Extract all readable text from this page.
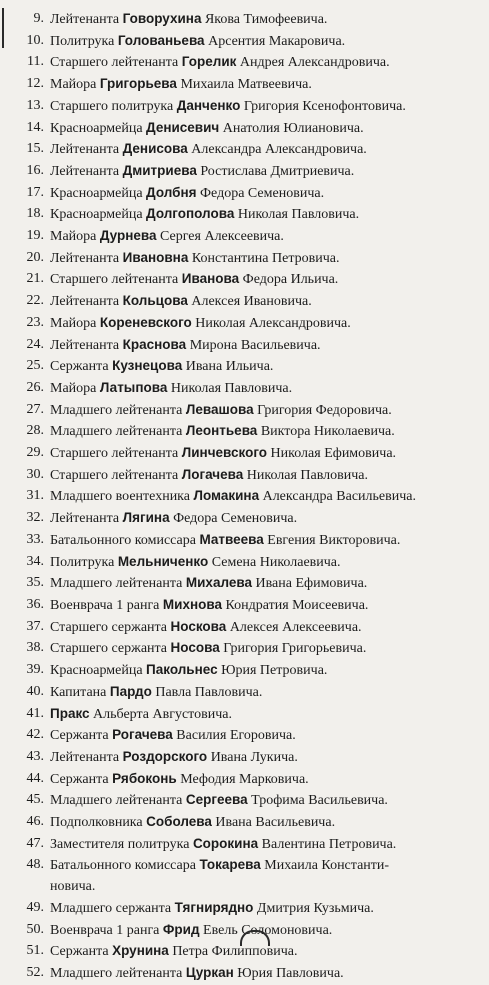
9. Лейтенанта Говорухина Якова Тимофеевича.
10. Политрука Голованьева Арсентия Макаровича.
11. Старшего лейтенанта Горелик Андрея Александровича.
12. Майора Григорьева Михаила Матвеевича.
13. Старшего политрука Данченко Григория Ксенофонтовича.
14. Красноармейца Денисевич Анатолия Юлиановича.
15. Лейтенанта Денисова Александра Александровича.
16. Лейтенанта Дмитриева Ростислава Дмитриевича.
17. Красноармейца Долбня Федора Семеновича.
18. Красноармейца Долгополова Николая Павловича.
19. Майора Дурнева Сергея Алексеевича.
20. Лейтенанта Ивановна Константина Петровича.
21. Старшего лейтенанта Иванова Федора Ильича.
22. Лейтенанта Кольцова Алексея Ивановича.
23. Майора Кореневского Николая Александровича.
24. Лейтенанта Краснова Мирона Васильевича.
25. Сержанта Кузнецова Ивана Ильича.
26. Майора Латыпова Николая Павловича.
27. Младшего лейтенанта Левашова Григория Федоровича.
28. Младшего лейтенанта Леонтьева Виктора Николаевича.
29. Старшего лейтенанта Линчевского Николая Ефимовича.
30. Старшего лейтенанта Логачева Николая Павловича.
31. Младшего воентехника Ломакина Александра Васильевича.
32. Лейтенанта Лягина Федора Семеновича.
33. Батальонного комиссара Матвеева Евгения Викторовича.
34. Политрука Мельниченко Семена Николаевича.
35. Младшего лейтенанта Михалева Ивана Ефимовича.
36. Военврача 1 ранга Михнова Кондратия Моисеевича.
37. Старшего сержанта Носкова Алексея Алексеевича.
38. Старшего сержанта Носова Григория Григорьевича.
39. Красноармейца Пакольнес Юрия Петровича.
40. Капитана Пардо Павла Павловича.
41. Пракс Альберта Августовича.
42. Сержанта Рогачева Василия Егоровича.
43. Лейтенанта Роздорского Ивана Лукича.
44. Сержанта Рябоконь Мефодия Марковича.
45. Младшего лейтенанта Сергеева Трофима Васильевича.
46. Подполковника Соболева Ивана Васильевича.
47. Заместителя политрука Сорокина Валентина Петровича.
48. Батальонного комиссара Токарева Михаила Константи-
новича.
49. Младшего сержанта Тягнирядно Дмитрия Кузьмича.
50. Военврача 1 ранга Фрид Евель Соломоновича.
51. Сержанта Хрунина Петра Филипповича.
52. Младшего лейтенанта Цуркан Юрия Павловича.
